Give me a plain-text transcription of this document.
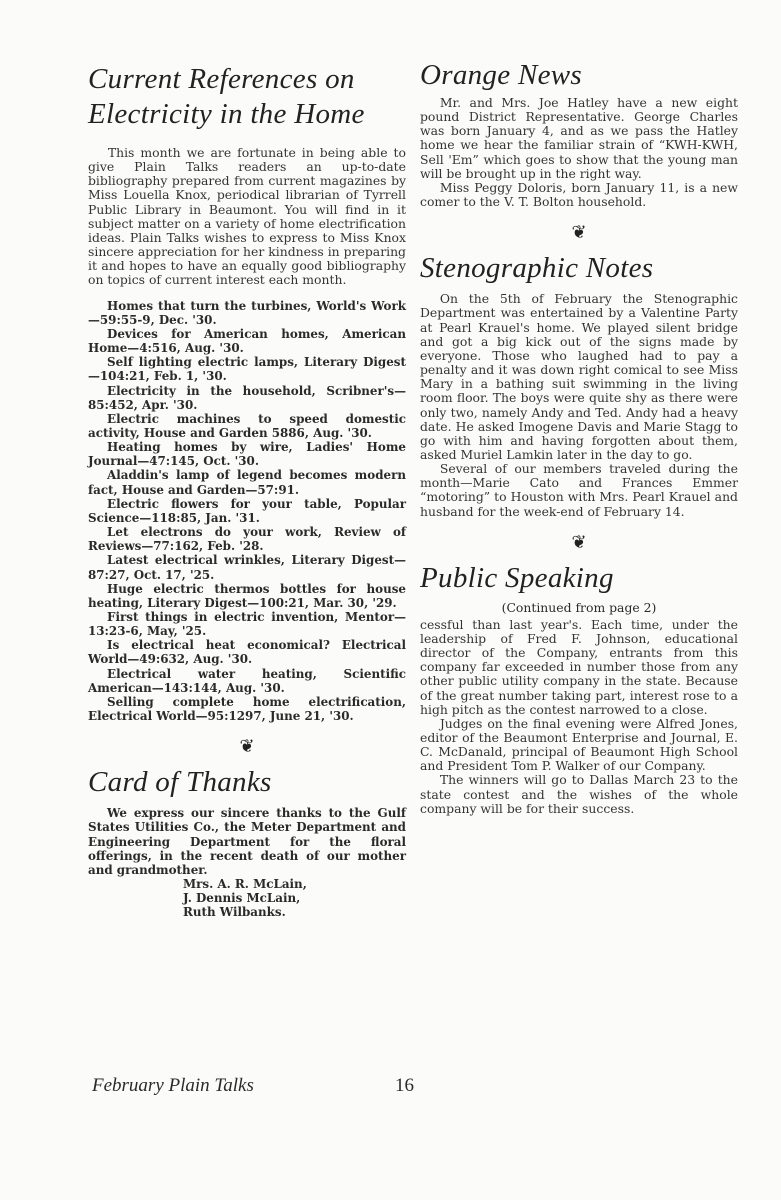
Current References on
Electricity in the Home

This month we are fortunate in being able to give Plain Talks readers an up-to-date bibliography prepared from current magazines by Miss Louella Knox, periodical librarian of Tyrrell Public Library in Beaumont. You will find in it subject matter on a variety of home electrification ideas. Plain Talks wishes to express to Miss Knox sincere appreciation for her kindness in preparing it and hopes to have an equally good bibliography on topics of current interest each month.

Homes that turn the turbines, World's Work—59:55-9, Dec. '30.

Devices for American homes, American Home—4:516, Aug. '30.

Self lighting electric lamps, Literary Digest—104:21, Feb. 1, '30.

Electricity in the household, Scribner's—85:452, Apr. '30.

Electric machines to speed domestic activity, House and Garden 5886, Aug. '30.

Heating homes by wire, Ladies' Home Journal—47:145, Oct. '30.

Aladdin's lamp of legend becomes modern fact, House and Garden—57:91.

Electric flowers for your table, Popular Science—118:85, Jan. '31.

Let electrons do your work, Review of Reviews—77:162, Feb. '28.

Latest electrical wrinkles, Literary Digest—87:27, Oct. 17, '25.

Huge electric thermos bottles for house heating, Literary Digest—100:21, Mar. 30, '29.

First things in electric invention, Mentor—13:23-6, May, '25.

Is electrical heat economical? Electrical World—49:632, Aug. '30.

Electrical water heating, Scientific American—143:144, Aug. '30.

Selling complete home electrification, Electrical World—95:1297, June 21, '30.

❦
Card of Thanks

We express our sincere thanks to the Gulf States Utilities Co., the Meter Department and Engineering Department for the floral offerings, in the recent death of our mother and grandmother.

Mrs. A. R. McLain,
J. Dennis McLain,
Ruth Wilbanks.
Orange News

Mr. and Mrs. Joe Hatley have a new eight pound District Representative. George Charles was born January 4, and as we pass the Hatley home we hear the familiar strain of “KWH-KWH, Sell 'Em” which goes to show that the young man will be brought up in the right way.

Miss Peggy Doloris, born January 11, is a new comer to the V. T. Bolton household.

❦
Stenographic Notes

On the 5th of February the Stenographic Department was entertained by a Valentine Party at Pearl Krauel's home. We played silent bridge and got a big kick out of the signs made by everyone. Those who laughed had to pay a penalty and it was down right comical to see Miss Mary in a bathing suit swimming in the living room floor. The boys were quite shy as there were only two, namely Andy and Ted. Andy had a heavy date. He asked Imogene Davis and Marie Stagg to go with him and having forgotten about them, asked Muriel Lamkin later in the day to go.

Several of our members traveled during the month—Marie Cato and Frances Emmer “motoring” to Houston with Mrs. Pearl Krauel and husband for the week-end of February 14.

❦
Public Speaking
(Continued from page 2)

cessful than last year's. Each time, under the leadership of Fred F. Johnson, educational director of the Company, entrants from this company far exceeded in number those from any other public utility company in the state. Because of the great number taking part, interest rose to a high pitch as the contest narrowed to a close.

Judges on the final evening were Alfred Jones, editor of the Beaumont Enterprise and Journal, E. C. McDanald, principal of Beaumont High School and President Tom P. Walker of our Company.

The winners will go to Dallas March 23 to the state contest and the wishes of the whole company will be for their success.

February Plain Talks	16
